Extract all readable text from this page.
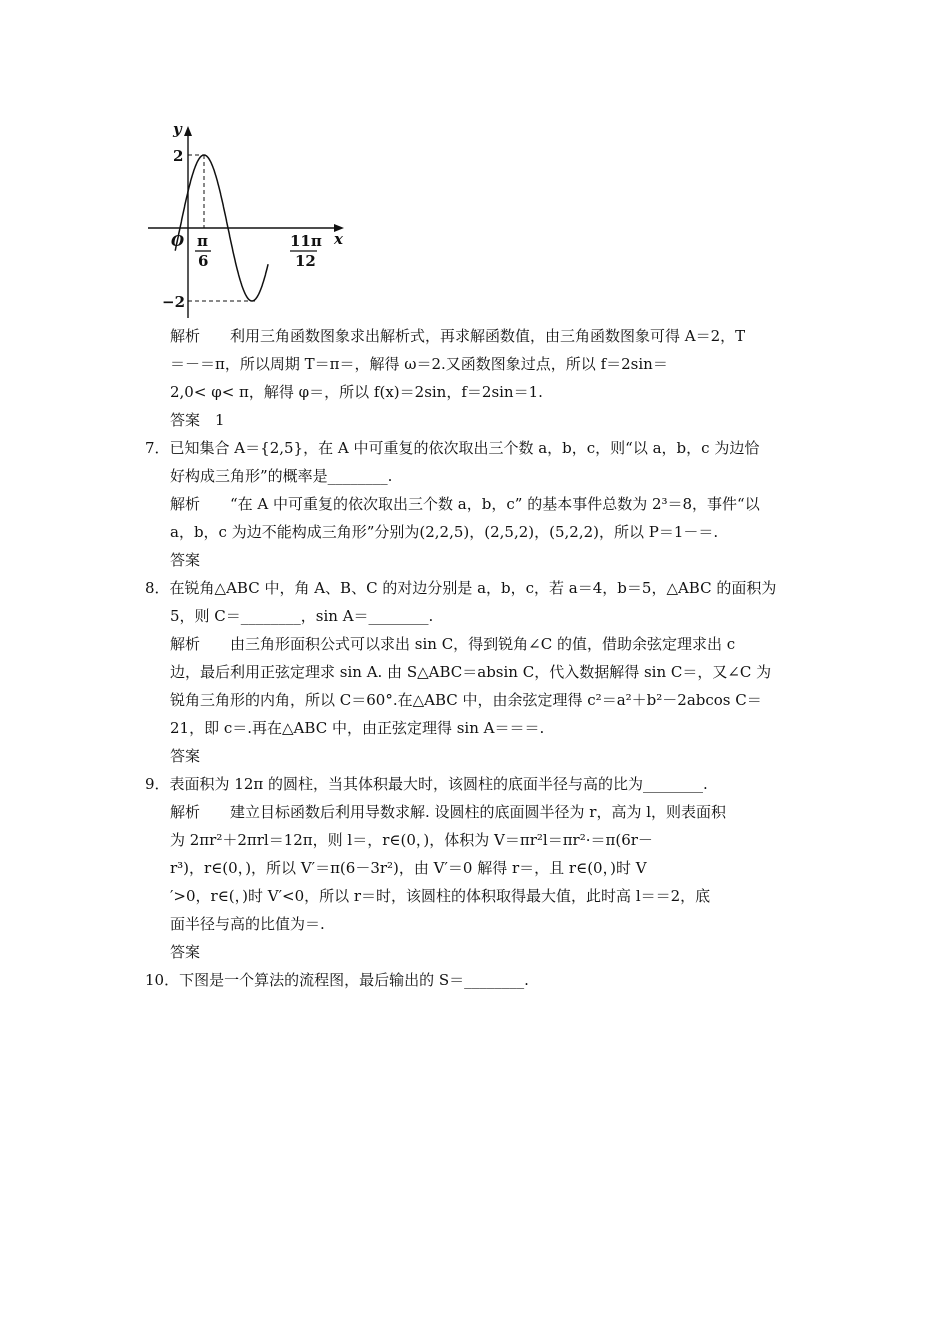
y
x
O
2
−2
π
6
11π
12
解析　　利用三角函数图象求出解析式，再求解函数值，由三角函数图象可得 A＝2，T
＝－＝π，所以周期 T＝π＝，解得 ω＝2.又函数图象过点，所以 f＝2sin＝
2,0< φ< π，解得 φ＝，所以 f(x)＝2sin，f＝2sin＝1.
答案　1
7．已知集合 A＝{2,5}，在 A 中可重复的依次取出三个数 a，b，c，则“以 a，b，c 为边恰
好构成三角形”的概率是________.
解析　　“在 A 中可重复的依次取出三个数 a，b，c” 的基本事件总数为 2³＝8，事件“以
a，b，c 为边不能构成三角形”分别为(2,2,5)，(2,5,2)，(5,2,2)，所以 P＝1－＝.
答案
8．在锐角△ABC 中，角 A、B、C 的对边分别是 a，b，c，若 a＝4，b＝5，△ABC 的面积为
5，则 C＝________，sin A＝________.
解析　　由三角形面积公式可以求出 sin C，得到锐角∠C 的值，借助余弦定理求出 c
边，最后利用正弦定理求 sin A. 由 S△ABC＝absin C，代入数据解得 sin C＝，又∠C 为
锐角三角形的内角，所以 C＝60°.在△ABC 中，由余弦定理得 c²＝a²＋b²－2abcos C＝
21，即 c＝.再在△ABC 中，由正弦定理得 sin A＝＝＝.
答案
9．表面积为 12π 的圆柱，当其体积最大时，该圆柱的底面半径与高的比为________.
解析　　建立目标函数后利用导数求解. 设圆柱的底面圆半径为 r，高为 l，则表面积
为 2πr²＋2πrl＝12π，则 l＝，r∈(0，)，体积为 V＝πr²l＝πr²·＝π(6r－
r³)，r∈(0，)，所以 V′＝π(6－3r²)，由 V′＝0 解得 r＝，且 r∈(0，)时 V
′>0，r∈(，)时 V′<0，所以 r＝时，该圆柱的体积取得最大值，此时高 l＝＝2，底
面半径与高的比值为＝.
答案
10．下图是一个算法的流程图，最后输出的 S＝________.
